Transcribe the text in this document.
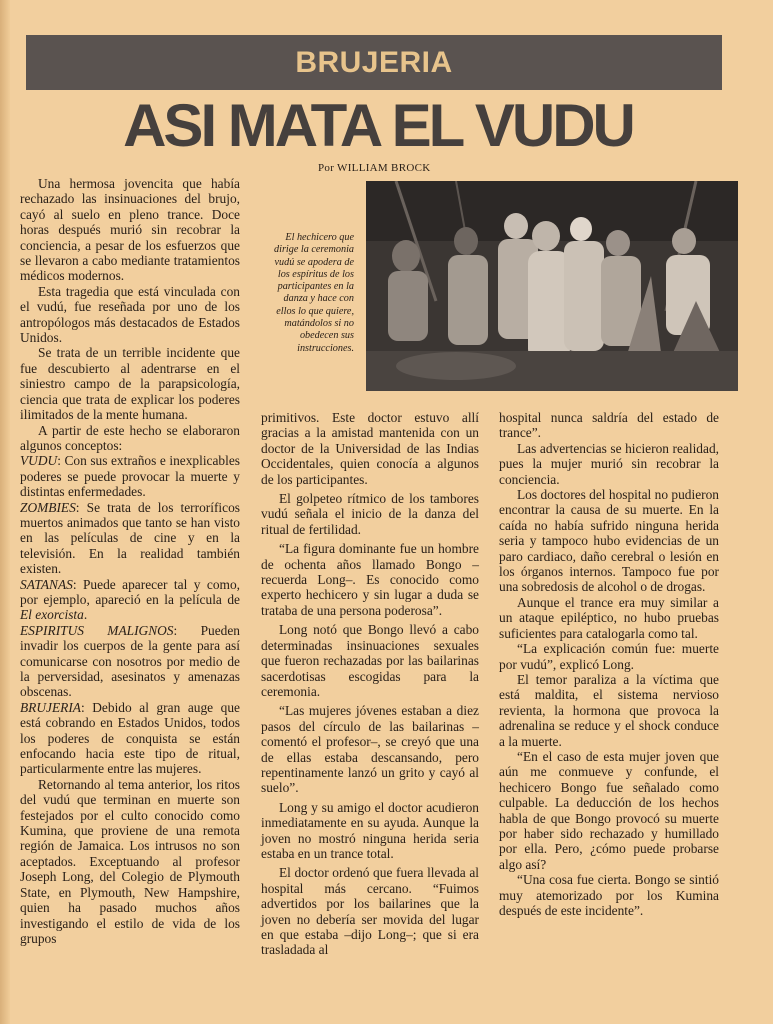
BRUJERIA
ASI MATA EL VUDU
Por WILLIAM BROCK
El hechicero que dirige la ceremonia vudú se apodera de los espíritus de los participantes en la danza y hace con ellos lo que quiere, matándolos si no obedecen sus instrucciones.

Una hermosa jovencita que había rechazado las insinuaciones del brujo, cayó al suelo en pleno trance. Doce horas después murió sin recobrar la conciencia, a pesar de los esfuerzos que se llevaron a cabo mediante tratamientos médicos modernos.

Esta tragedia que está vinculada con el vudú, fue reseñada por uno de los antropólogos más destacados de Estados Unidos.

Se trata de un terrible incidente que fue descubierto al adentrarse en el siniestro campo de la parapsicología, ciencia que trata de explicar los poderes ilimitados de la mente humana.

A partir de este hecho se elaboraron algunos conceptos:

VUDU: Con sus extraños e inexplicables poderes se puede provocar la muerte y distintas enfermedades.

ZOMBIES: Se trata de los terroríficos muertos animados que tanto se han visto en las películas de cine y en la televisión. En la realidad también existen.

SATANAS: Puede aparecer tal y como, por ejemplo, apareció en la película de El exorcista.

ESPIRITUS MALIGNOS: Pueden invadir los cuerpos de la gente para así comunicarse con nosotros por medio de la perversidad, asesinatos y amenazas obscenas.

BRUJERIA: Debido al gran auge que está cobrando en Estados Unidos, todos los poderes de conquista se están enfocando hacia este tipo de ritual, particularmente entre las mujeres.

Retornando al tema anterior, los ritos del vudú que terminan en muerte son festejados por el culto conocido como Kumina, que proviene de una remota región de Jamaica. Los intrusos no son aceptados. Exceptuando al profesor Joseph Long, del Colegio de Plymouth State, en Plymouth, New Hampshire, quien ha pasado muchos años investigando el estilo de vida de los grupos

primitivos. Este doctor estuvo allí gracias a la amistad mantenida con un doctor de la Universidad de las Indias Occidentales, quien conocía a algunos de los participantes.

El golpeteo rítmico de los tambores vudú señala el inicio de la danza del ritual de fertilidad.

“La figura dominante fue un hombre de ochenta años llamado Bongo –recuerda Long–. Es conocido como experto hechicero y sin lugar a duda se trataba de una persona poderosa”.

Long notó que Bongo llevó a cabo determinadas insinuaciones sexuales que fueron rechazadas por las bailarinas sacerdotisas escogidas para la ceremonia.

“Las mujeres jóvenes estaban a diez pasos del círculo de las bailarinas –comentó el profesor–, se creyó que una de ellas estaba descansando, pero repentinamente lanzó un grito y cayó al suelo”.

Long y su amigo el doctor acudieron inmediatamente en su ayuda. Aunque la joven no mostró ninguna herida seria estaba en un trance total.

El doctor ordenó que fuera llevada al hospital más cercano. “Fuimos advertidos por los bailarines que la joven no debería ser movida del lugar en que estaba –dijo Long–; que si era trasladada al

hospital nunca saldría del estado de trance”.

Las advertencias se hicieron realidad, pues la mujer murió sin recobrar la conciencia.

Los doctores del hospital no pudieron encontrar la causa de su muerte. En la caída no había sufrido ninguna herida seria y tampoco hubo evidencias de un paro cardiaco, daño cerebral o lesión en los órganos internos. Tampoco fue por una sobredosis de alcohol o de drogas.

Aunque el trance era muy similar a un ataque epiléptico, no hubo pruebas suficientes para catalogarla como tal.

“La explicación común fue: muerte por vudú”, explicó Long.

El temor paraliza a la víctima que está maldita, el sistema nervioso revienta, la hormona que provoca la adrenalina se reduce y el shock conduce a la muerte.

“En el caso de esta mujer joven que aún me conmueve y confunde, el hechicero Bongo fue señalado como culpable. La deducción de los hechos habla de que Bongo provocó su muerte por haber sido rechazado y humillado por ella. Pero, ¿cómo puede probarse algo así?

“Una cosa fue cierta. Bongo se sintió muy atemorizado por los Kumina después de este incidente”.
